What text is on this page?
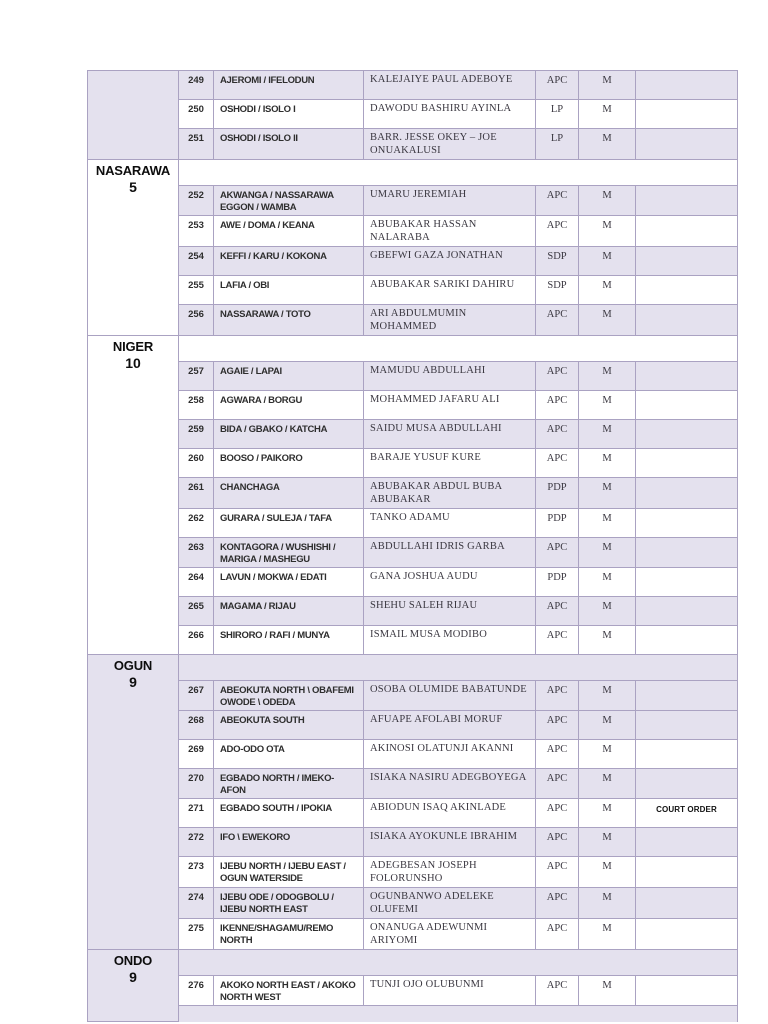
	249	AJEROMI / IFELODUN	KALEJAIYE PAUL ADEBOYE	APC	M	
	250	OSHODI / ISOLO I	DAWODU BASHIRU AYINLA	LP	M	
	251	OSHODI / ISOLO II	BARR. JESSE OKEY – JOE ONUAKALUSI	LP	M	

NASARAWA
5						

	252	AKWANGA / NASSARAWA EGGON / WAMBA	UMARU JEREMIAH	APC	M	
	253	AWE / DOMA / KEANA	ABUBAKAR HASSAN NALARABA	APC	M	
	254	KEFFI / KARU / KOKONA	GBEFWI GAZA JONATHAN	SDP	M	
	255	LAFIA / OBI	ABUBAKAR SARIKI DAHIRU	SDP	M	
	256	NASSARAWA / TOTO	ARI ABDULMUMIN MOHAMMED	APC	M	

NIGER
10						

	257	AGAIE / LAPAI	MAMUDU ABDULLAHI	APC	M	
	258	AGWARA / BORGU	MOHAMMED JAFARU ALI	APC	M	
	259	BIDA / GBAKO / KATCHA	SAIDU MUSA ABDULLAHI	APC	M	
	260	BOOSO / PAIKORO	BARAJE YUSUF KURE	APC	M	
	261	CHANCHAGA	ABUBAKAR ABDUL BUBA ABUBAKAR	PDP	M	
	262	GURARA / SULEJA / TAFA	TANKO ADAMU	PDP	M	
	263	KONTAGORA / WUSHISHI / MARIGA / MASHEGU	ABDULLAHI IDRIS GARBA	APC	M	
	264	LAVUN / MOKWA / EDATI	GANA JOSHUA AUDU	PDP	M	
	265	MAGAMA / RIJAU	SHEHU SALEH RIJAU	APC	M	
	266	SHIRORO / RAFI / MUNYA	ISMAIL MUSA MODIBO	APC	M	

OGUN
9						

	267	ABEOKUTA NORTH \ OBAFEMI OWODE \ ODEDA	OSOBA OLUMIDE BABATUNDE	APC	M	
	268	ABEOKUTA SOUTH	AFUAPE AFOLABI MORUF	APC	M	
	269	ADO-ODO OTA	AKINOSI OLATUNJI AKANNI	APC	M	
	270	EGBADO NORTH / IMEKO-AFON	ISIAKA NASIRU ADEGBOYEGA	APC	M	
	271	EGBADO SOUTH / IPOKIA	ABIODUN ISAQ AKINLADE	APC	M	COURT ORDER
	272	IFO \ EWEKORO	ISIAKA AYOKUNLE IBRAHIM	APC	M	
	273	IJEBU NORTH / IJEBU EAST / OGUN WATERSIDE	ADEGBESAN JOSEPH FOLORUNSHO	APC	M	
	274	IJEBU ODE / ODOGBOLU / IJEBU NORTH EAST	OGUNBANWO ADELEKE OLUFEMI	APC	M	
	275	IKENNE/SHAGAMU/REMO NORTH	ONANUGA ADEWUNMI ARIYOMI	APC	M	

ONDO
9						

	276	AKOKO NORTH EAST / AKOKO NORTH WEST	TUNJI OJO OLUBUNMI	APC	M	
